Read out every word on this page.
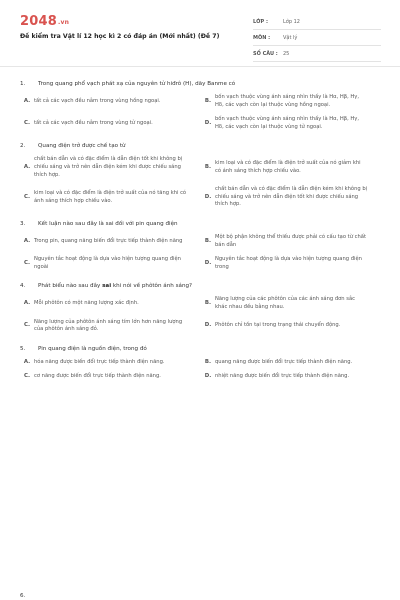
2048.vn
Đề kiểm tra Vật lí 12 học kì 2 có đáp án (Mới nhất) (Đề 7)
LỚP :	Lớp 12
MÔN :	Vật lý
SỐ CÂU :	25
1.	Trong quang phổ vạch phát xạ của nguyên tử hiđrô (H), dãy Banme có
A. tất cả các vạch đều nằm trong vùng hồng ngoại.	B.
bốn vạch thuộc vùng ánh sáng nhìn thấy là Hα, Hβ, Hγ, Hδ, các vạch còn lại thuộc vùng hồng ngoại.
C. tất cả các vạch đều nằm trong vùng tử ngoại.	D.
bốn vạch thuộc vùng ánh sáng nhìn thấy là Hα, Hβ, Hγ, Hδ, các vạch còn lại thuộc vùng tử ngoại.
2.	Quang điện trở được chế tạo từ
A.
chất bán dẫn và có đặc điểm là dẫn điện tốt khi không bị chiếu sáng và trở nên dẫn điện kém khi được chiếu sáng thích hợp.
B.
kim loại và có đặc điểm là điện trở suất của nó giảm khi có ánh sáng thích hợp chiếu vào.
C.
kim loại và có đặc điểm là điện trở suất của nó tăng khi có ánh sáng thích hợp chiếu vào.
D.
chất bán dẫn và có đặc điểm là dẫn điện kém khi không bị chiếu sáng và trở nên dẫn điện tốt khi được chiếu sáng thích hợp.
3.	Kết luận nào sau đây là sai đối với pin quang điện
A. Trong pin, quang năng biến đổi trực tiếp thành điện năng	B.
Một bộ phận không thể thiếu được phải có cấu tạo từ chất bán dẫn
C.
Nguyên tắc hoạt động là dựa vào hiện tượng quang điện ngoài
D.
Nguyên tắc hoạt động là dựa vào hiện tượng quang điện trong
4.	Phát biểu nào sau đây sai khi nói về phôtôn ánh sáng?
A. Mỗi phôtôn có một năng lượng xác định.	B.
Năng lượng của các phôtôn của các ánh sáng đơn sắc khác nhau đều bằng nhau.
C.
Năng lượng của phôtôn ánh sáng tím lớn hơn năng lượng của phôtôn ánh sáng đỏ.
D. Phôtôn chỉ tồn tại trong trạng thái chuyển động.
5.	Pin quang điện là nguồn điện, trong đó
A. hóa năng được biến đổi trực tiếp thành điện năng.	B. quang năng được biến đổi trực tiếp thành điện năng.
C. cơ năng được biến đổi trực tiếp thành điện năng.	D. nhiệt năng được biến đổi trực tiếp thành điện năng.
6.
